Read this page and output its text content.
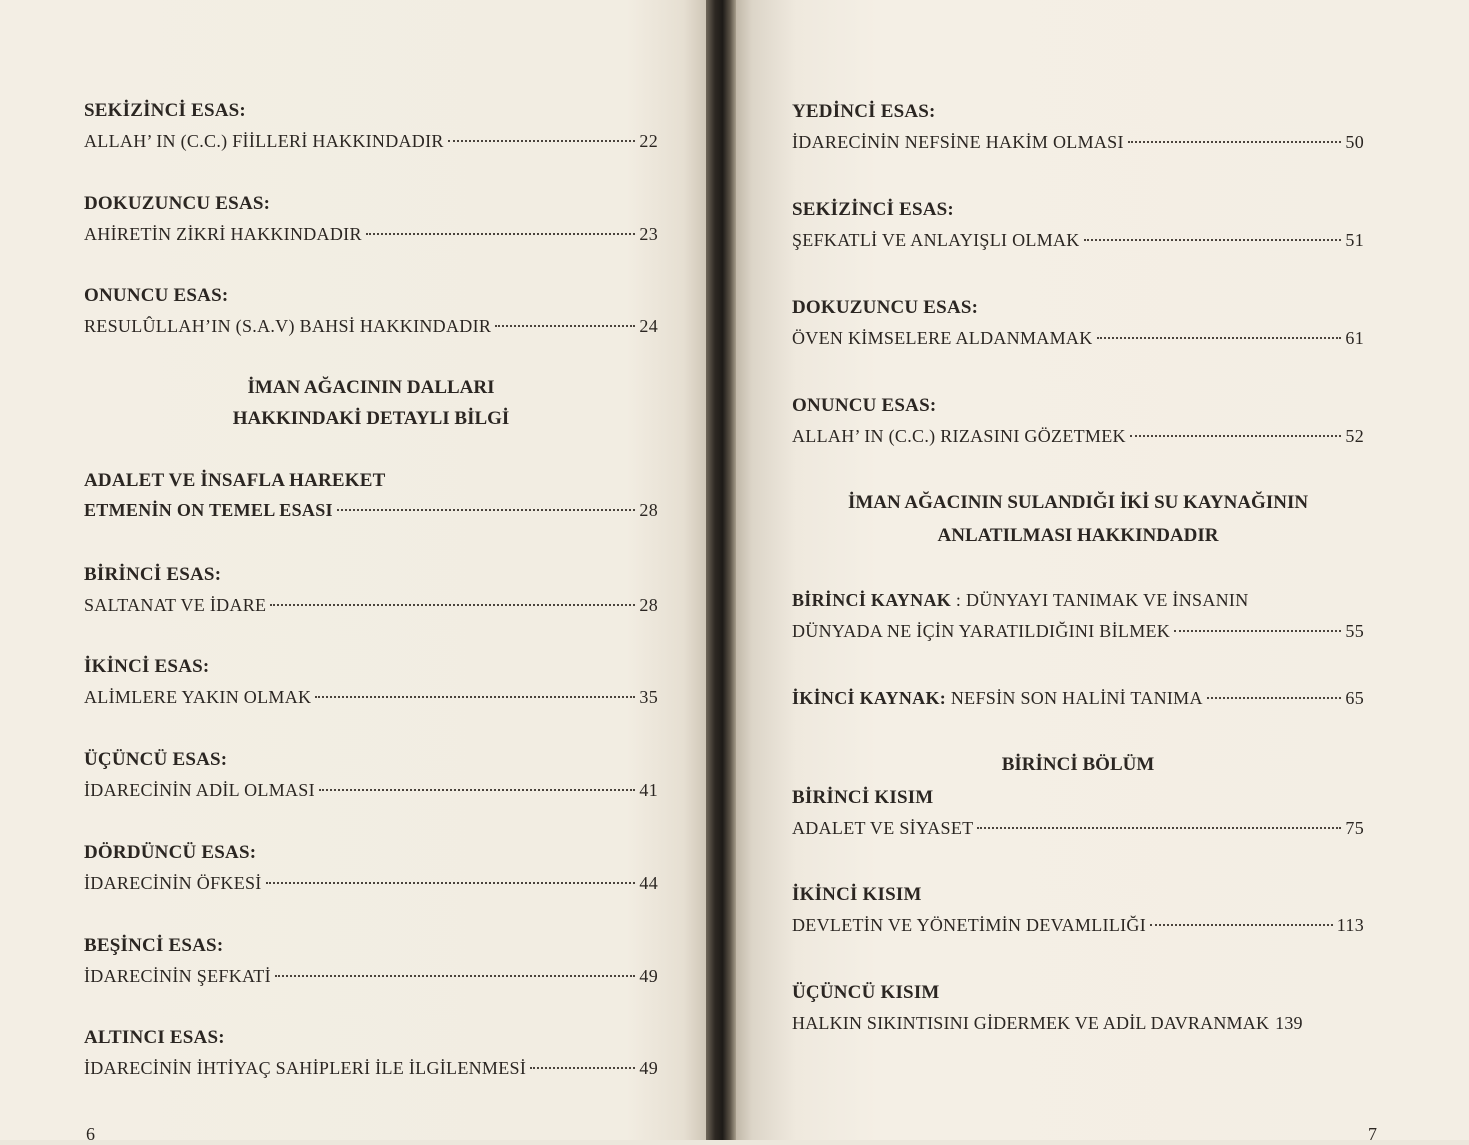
SEKİZİNCİ ESAS:
ALLAH’ IN (C.C.) FİİLLERİ HAKKINDADIR	22
DOKUZUNCU ESAS:
AHİRETİN ZİKRİ HAKKINDADIR	23
ONUNCU ESAS:
RESULÛLLAH’IN (S.A.V) BAHSİ HAKKINDADIR	24
İMAN AĞACININ DALLARI
HAKKINDAKİ DETAYLI BİLGİ
ADALET VE İNSAFLA HAREKET
ETMENİN ON TEMEL ESASI	28
BİRİNCİ ESAS:
SALTANAT VE İDARE	28
İKİNCİ ESAS:
ALİMLERE YAKIN OLMAK	35
ÜÇÜNCÜ ESAS:
İDARECİNİN ADİL OLMASI	41
DÖRDÜNCÜ ESAS:
İDARECİNİN ÖFKESİ	44
BEŞİNCİ ESAS:
İDARECİNİN ŞEFKATİ	49
ALTINCI ESAS:
İDARECİNİN İHTİYAÇ SAHİPLERİ İLE İLGİLENMESİ	49
6
YEDİNCİ ESAS:
İDARECİNİN NEFSİNE HAKİM OLMASI	50
SEKİZİNCİ ESAS:
ŞEFKATLİ VE ANLAYIŞLI OLMAK	51
DOKUZUNCU ESAS:
ÖVEN KİMSELERE ALDANMAMAK	61
ONUNCU ESAS:
ALLAH’ IN (C.C.) RIZASINI GÖZETMEK	52
İMAN AĞACININ SULANDIĞI İKİ SU KAYNAĞININ
ANLATILMASI HAKKINDADIR
BİRİNCİ KAYNAK : DÜNYAYI TANIMAK VE İNSANIN
DÜNYADA NE İÇİN YARATILDIĞINI BİLMEK	55
İKİNCİ KAYNAK: NEFSİN SON HALİNİ TANIMA	65
BİRİNCİ BÖLÜM
BİRİNCİ KISIM
ADALET VE SİYASET	75
İKİNCİ KISIM
DEVLETİN VE YÖNETİMİN DEVAMLILIĞI	113
ÜÇÜNCÜ KISIM
HALKIN SIKINTISINI GİDERMEK VE ADİL DAVRANMAK 139
7
